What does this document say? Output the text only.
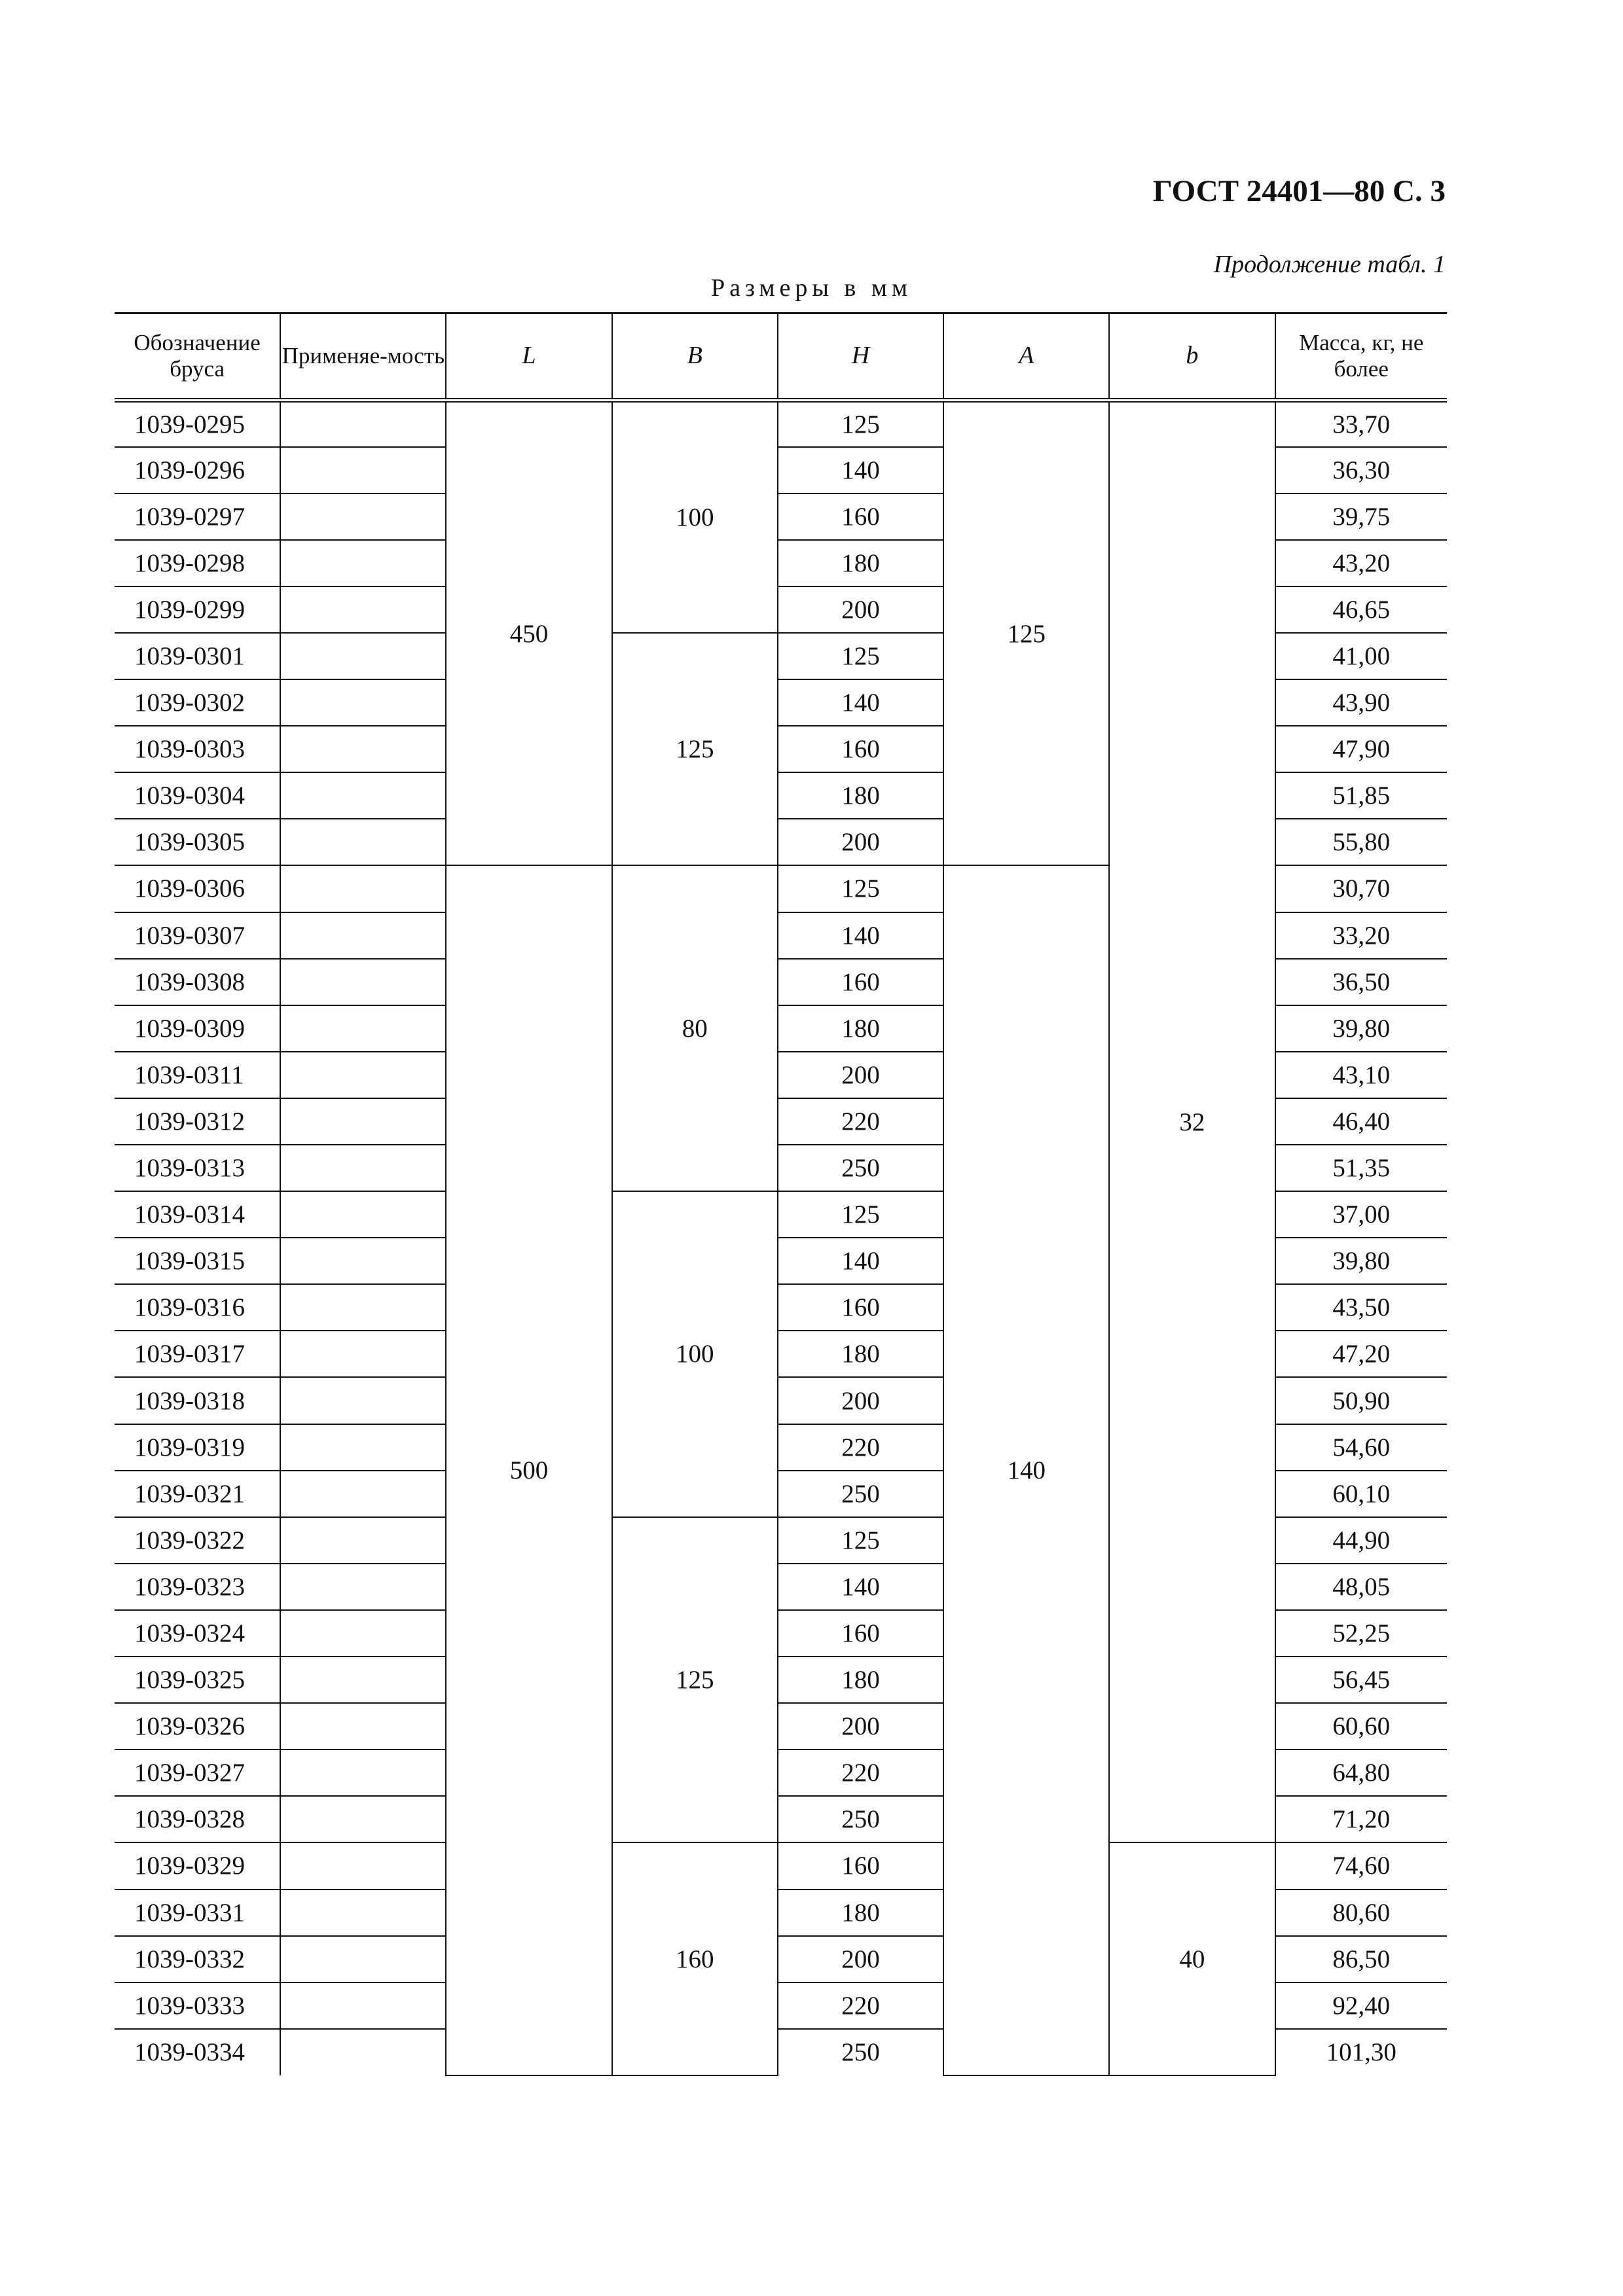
ГОСТ 24401—80 С. 3
Продолжение табл. 1
Размеры в мм
Обозначение бруса	Применяе-мость	L	B	H	A	b	Масса, кг, не более
1039-0295		450	100	125	125	32	33,70
1039-0296				140			36,30
1039-0297				160			39,75
1039-0298				180			43,20
1039-0299				200			46,65
1039-0301			125	125			41,00
1039-0302				140			43,90
1039-0303				160			47,90
1039-0304				180			51,85
1039-0305				200			55,80
1039-0306		500	80	125	140		30,70
1039-0307				140			33,20
1039-0308				160			36,50
1039-0309				180			39,80
1039-0311				200			43,10
1039-0312				220			46,40
1039-0313				250			51,35
1039-0314			100	125			37,00
1039-0315				140			39,80
1039-0316				160			43,50
1039-0317				180			47,20
1039-0318				200			50,90
1039-0319				220			54,60
1039-0321				250			60,10
1039-0322			125	125			44,90
1039-0323				140			48,05
1039-0324				160			52,25
1039-0325				180			56,45
1039-0326				200			60,60
1039-0327				220			64,80
1039-0328				250			71,20
1039-0329			160	160		40	74,60
1039-0331				180			80,60
1039-0332				200			86,50
1039-0333				220			92,40
1039-0334				250			101,30
